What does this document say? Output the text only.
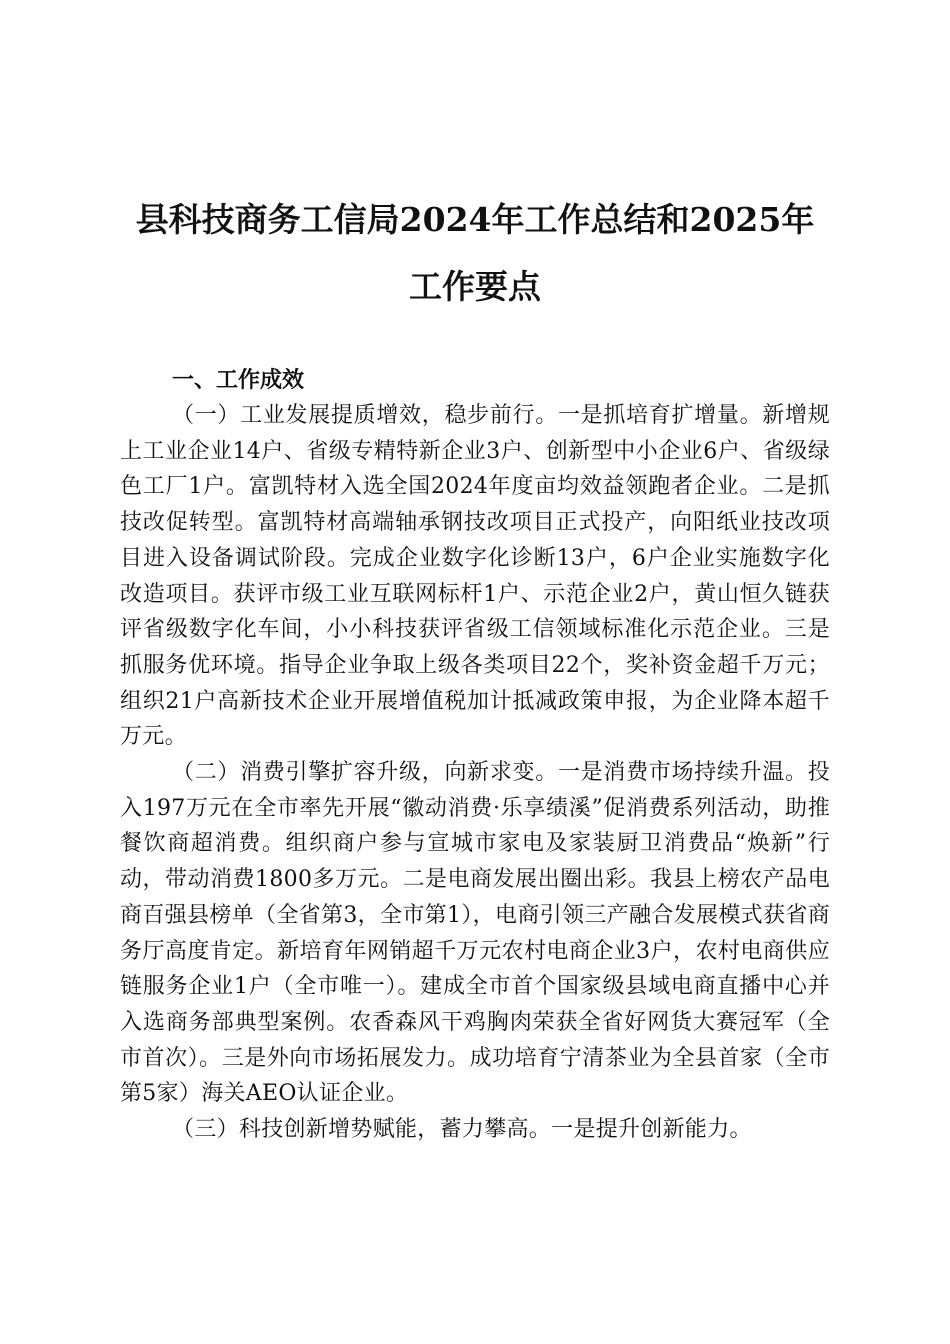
县科技商务工信局2024年工作总结和2025年
工作要点
一、工作成效
（一）工业发展提质增效，稳步前行。一是抓培育扩增量。新增规上工业企业14户、省级专精特新企业3户、创新型中小企业6户、省级绿色工厂1户。富凯特材入选全国2024年度亩均效益领跑者企业。二是抓技改促转型。富凯特材高端轴承钢技改项目正式投产，向阳纸业技改项目进入设备调试阶段。完成企业数字化诊断13户，6户企业实施数字化改造项目。获评市级工业互联网标杆1户、示范企业2户，黄山恒久链获评省级数字化车间，小小科技获评省级工信领域标准化示范企业。三是抓服务优环境。指导企业争取上级各类项目22个，奖补资金超千万元；组织21户高新技术企业开展增值税加计抵减政策申报，为企业降本超千万元。
（二）消费引擎扩容升级，向新求变。一是消费市场持续升温。投入197万元在全市率先开展“徽动消费·乐享绩溪”促消费系列活动，助推餐饮商超消费。组织商户参与宣城市家电及家装厨卫消费品“焕新”行动，带动消费1800多万元。二是电商发展出圈出彩。我县上榜农产品电商百强县榜单（全省第3，全市第1），电商引领三产融合发展模式获省商务厅高度肯定。新培育年网销超千万元农村电商企业3户，农村电商供应链服务企业1户（全市唯一）。建成全市首个国家级县域电商直播中心并入选商务部典型案例。农香森风干鸡胸肉荣获全省好网货大赛冠军（全市首次）。三是外向市场拓展发力。成功培育宁清茶业为全县首家（全市第5家）海关AEO认证企业。
（三）科技创新增势赋能，蓄力攀高。一是提升创新能力。
